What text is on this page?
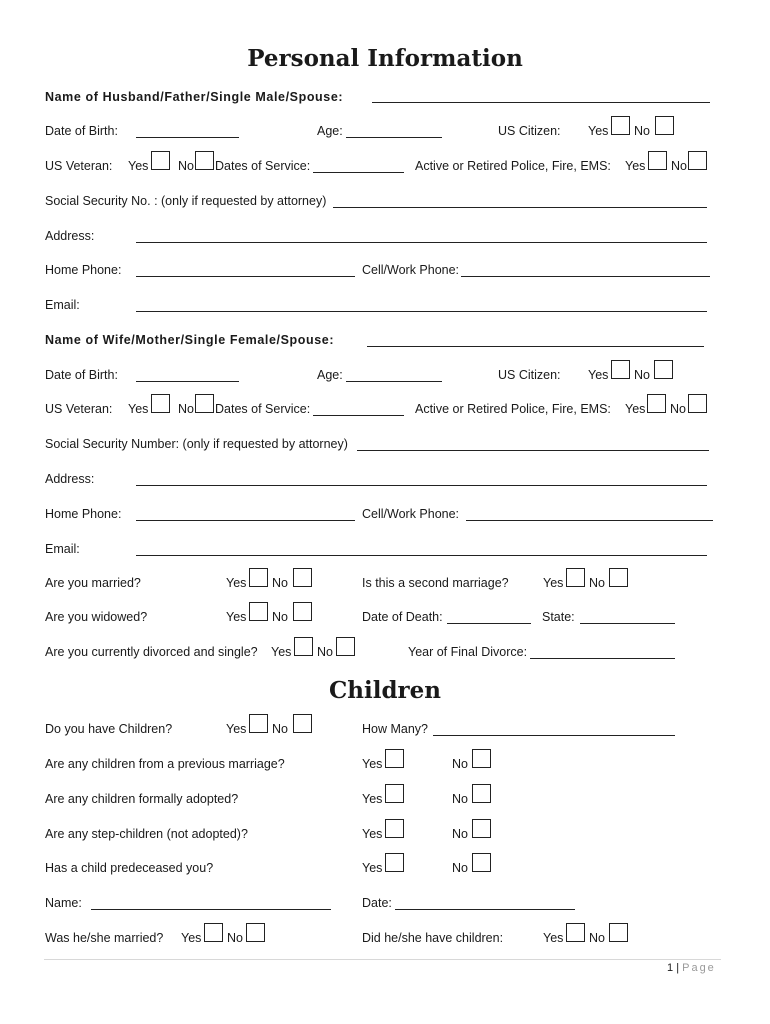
Personal Information
Name of Husband/Father/Single Male/Spouse:
Date of Birth:	Age:	US Citizen: Yes No
US Veteran: Yes No Dates of Service:	Active or Retired Police, Fire, EMS: Yes No
Social Security No. : (only if requested by attorney)
Address:
Home Phone:	Cell/Work Phone:
Email:
Name of Wife/Mother/Single Female/Spouse:
Date of Birth:	Age:	US Citizen: Yes No
US Veteran: Yes No Dates of Service:	Active or Retired Police, Fire, EMS: Yes No
Social Security Number: (only if requested by attorney)
Address:
Home Phone:	Cell/Work Phone:
Email:
Are you married?	Yes No	Is this a second marriage?	Yes No
Are you widowed?	Yes No	Date of Death:	State:
Are you currently divorced and single? Yes No	Year of Final Divorce:
Children
Do you have Children?	Yes No	How Many?
Are any children from a previous marriage?	Yes	No
Are any children formally adopted?	Yes	No
Are any step-children (not adopted)?	Yes	No
Has a child predeceased you?	Yes	No
Name:	Date:
Was he/she married? Yes No	Did he/she have children:	Yes No
1 | Page
